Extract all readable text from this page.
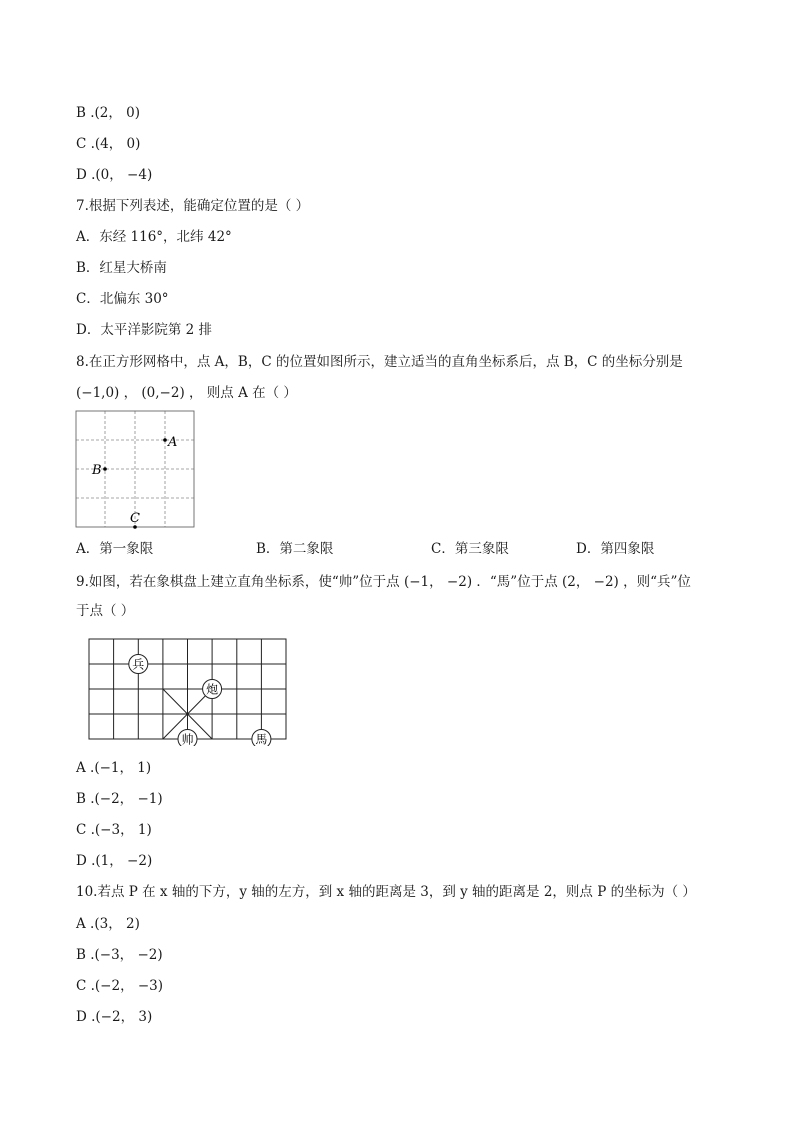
B .(2， 0)
C .(4， 0)
D .(0， −4)
7.根据下列表述，能确定位置的是（ ）
A．东经 116°，北纬 42°
B．红星大桥南
C．北偏东 30°
D．太平洋影院第 2 排
8.在正方形网格中，点 A，B，C 的位置如图所示，建立适当的直角坐标系后，点 B，C 的坐标分别是
(−1,0) ， (0,−2) ， 则点 A 在（ ）
A
B
C
A．第一象限	B．第二象限	C．第三象限	D．第四象限
9.如图，若在象棋盘上建立直角坐标系，使“帅”位于点 (−1， −2) ．“馬”位于点 (2， −2) ，则“兵”位
于点（ ）
兵
炮
帅	馬
A .(−1， 1)
B .(−2， −1)
C .(−3， 1)
D .(1， −2)
10.若点 P 在 x 轴的下方，y 轴的左方，到 x 轴的距离是 3，到 y 轴的距离是 2，则点 P 的坐标为（ ）
A .(3， 2)
B .(−3， −2)
C .(−2， −3)
D .(−2， 3)
